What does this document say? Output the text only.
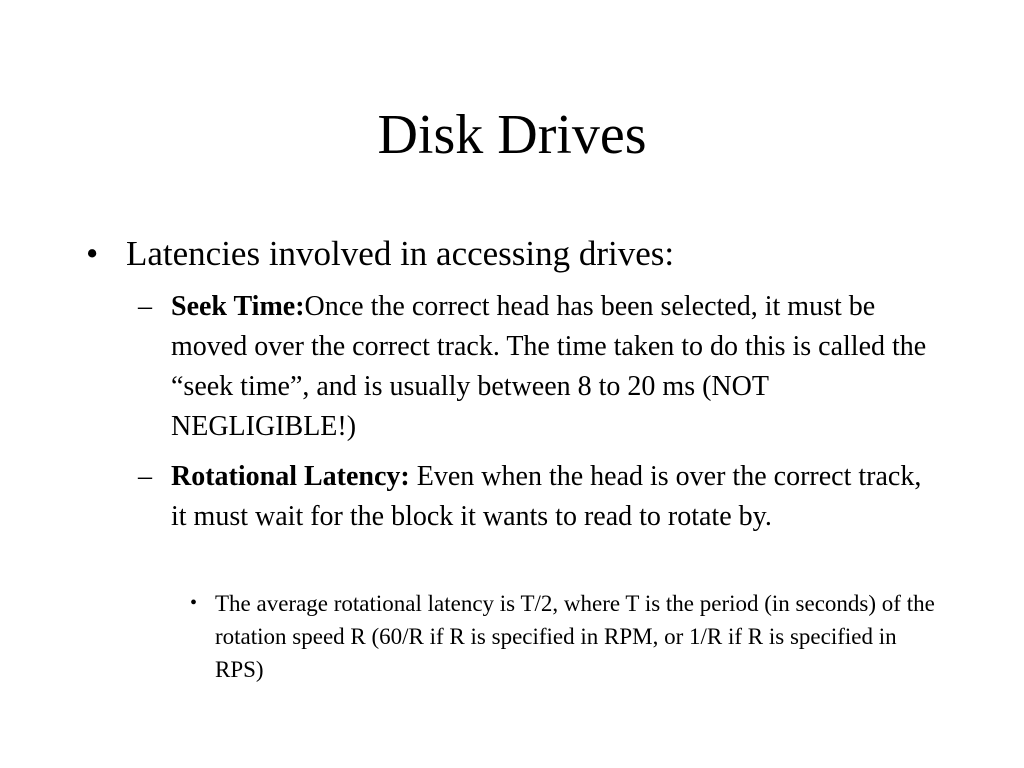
Disk Drives
• Latencies involved in accessing drives:
– Seek Time:Once the correct head has been selected, it must be moved over the correct track. The time taken to do this is called the “seek time”, and is usually between 8 to 20 ms (NOT NEGLIGIBLE!)
– Rotational Latency: Even when the head is over the correct track, it must wait for the block it wants to read to rotate by.
• The average rotational latency is T/2, where T is the period (in seconds) of the rotation speed R (60/R if R is specified in RPM, or 1/R if R is specified in RPS)
